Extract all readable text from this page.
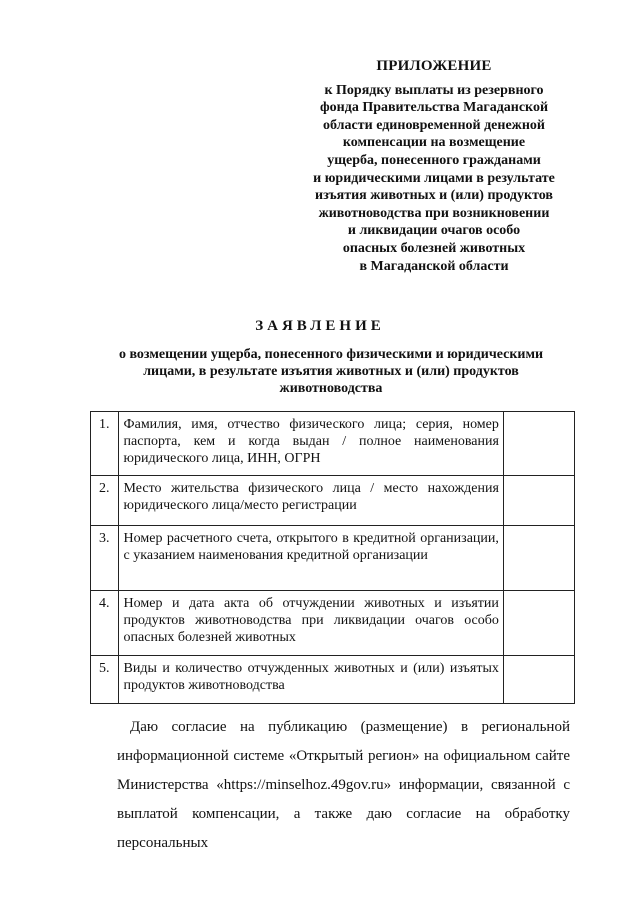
ПРИЛОЖЕНИЕ
к Порядку выплаты из резервного
фонда Правительства Магаданской
области единовременной денежной
компенсации на возмещение
ущерба, понесенного гражданами
и юридическими лицами в результате
изъятия животных и (или) продуктов
животноводства при возникновении
и ликвидации очагов особо
опасных болезней животных
в Магаданской области
ЗАЯВЛЕНИЕ
о возмещении ущерба, понесенного физическими и юридическими
лицами, в результате изъятия животных и (или) продуктов
животноводства
1.	Фамилия, имя, отчество физического лица; серия, номер паспорта, кем и когда выдан / полное наименования юридического лица, ИНН, ОГРН	
2.	Место жительства физического лица / место нахождения юридического лица/место регистрации	
3.	Номер расчетного счета, открытого в кредитной организации, с указанием наименования кредитной организации	
4.	Номер и дата акта об отчуждении животных и изъятии продуктов животноводства при ликвидации очагов особо опасных болезней животных	
5.	Виды и количество отчужденных животных и (или) изъятых продуктов животноводства	
Даю согласие на публикацию (размещение) в региональной
информационной системе «Открытый регион» на официальном сайте
Министерства «https://minselhoz.49gov.ru» информации, связанной с
выплатой компенсации, а также даю согласие на обработку персональных
